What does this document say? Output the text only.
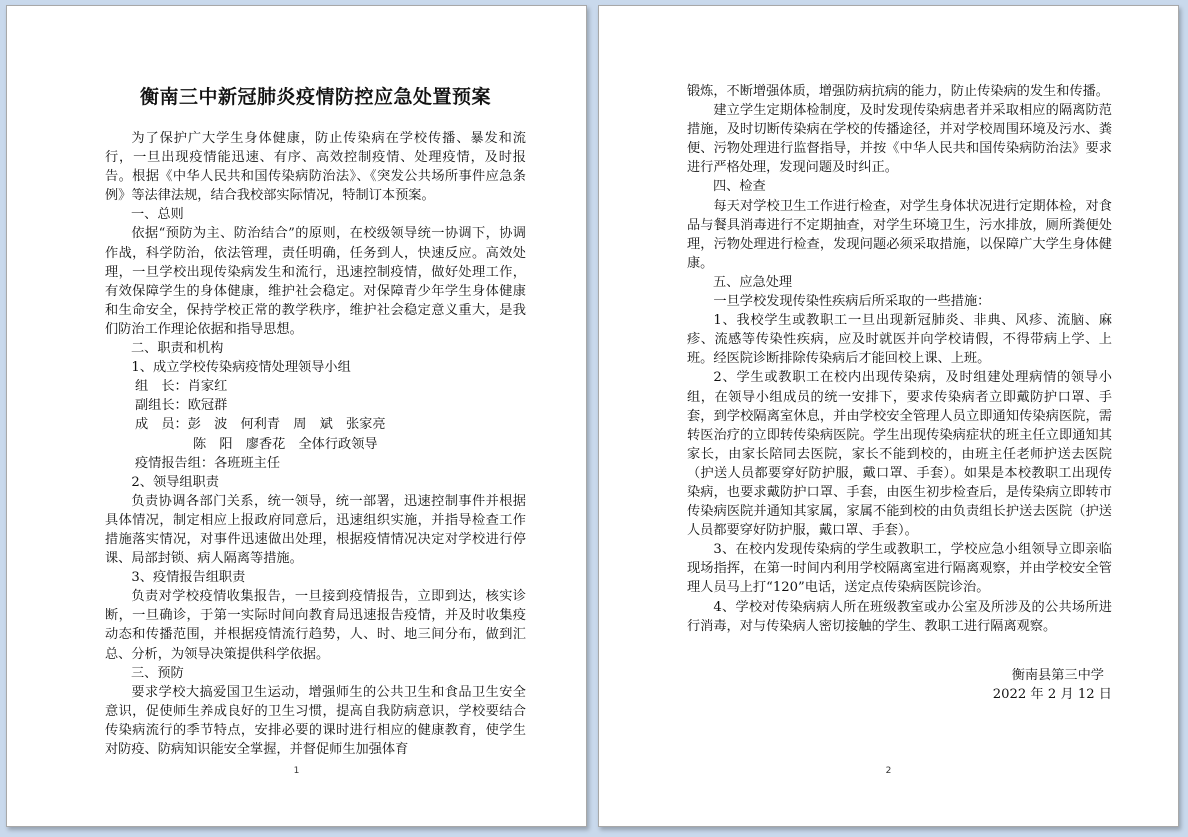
衡南三中新冠肺炎疫情防控应急处置预案
为了保护广大学生身体健康，防止传染病在学校传播、暴发和流行，一旦出现疫情能迅速、有序、高效控制疫情、处理疫情，及时报告。根据《中华人民共和国传染病防治法》、《突发公共场所事件应急条例》等法律法规，结合我校部实际情况，特制订本预案。
一、总则
依据“预防为主、防治结合”的原则，在校级领导统一协调下，协调作战，科学防治，依法管理，责任明确，任务到人，快速反应。高效处理，一旦学校出现传染病发生和流行，迅速控制疫情，做好处理工作，有效保障学生的身体健康，维护社会稳定。对保障青少年学生身体健康和生命安全，保持学校正常的教学秩序，维护社会稳定意义重大，是我们防治工作理论依据和指导思想。
二、职责和机构
1、成立学校传染病疫情处理领导小组
组　长：肖家红
副组长：欧冠群
成　员：彭　波　何利青　周　斌　张家亮
陈　阳　廖香花　全体行政领导
疫情报告组：各班班主任
2、领导组职责
负责协调各部门关系，统一领导，统一部署，迅速控制事件并根据具体情况，制定相应上报政府同意后，迅速组织实施，并指导检查工作措施落实情况，对事件迅速做出处理，根据疫情情况决定对学校进行停课、局部封锁、病人隔离等措施。
3、疫情报告组职责
负责对学校疫情收集报告，一旦接到疫情报告，立即到达，核实诊断，一旦确诊，于第一实际时间向教育局迅速报告疫情，并及时收集疫动态和传播范围，并根据疫情流行趋势，人、时、地三间分布，做到汇总、分析，为领导决策提供科学依据。
三、预防
要求学校大搞爱国卫生运动，增强师生的公共卫生和食品卫生安全意识，促使师生养成良好的卫生习惯，提高自我防病意识，学校要结合传染病流行的季节特点，安排必要的课时进行相应的健康教育，使学生对防疫、防病知识能安全掌握，并督促师生加强体育
1
锻炼，不断增强体质，增强防病抗病的能力，防止传染病的发生和传播。
建立学生定期体检制度，及时发现传染病患者并采取相应的隔离防范措施，及时切断传染病在学校的传播途径，并对学校周围环境及污水、粪便、污物处理进行监督指导，并按《中华人民共和国传染病防治法》要求进行严格处理，发现问题及时纠正。
四、检查
每天对学校卫生工作进行检查，对学生身体状况进行定期体检，对食品与餐具消毒进行不定期抽查，对学生环境卫生，污水排放，厕所粪便处理，污物处理进行检查，发现问题必须采取措施，以保障广大学生身体健康。
五、应急处理
一旦学校发现传染性疾病后所采取的一些措施：
1、我校学生或教职工一旦出现新冠肺炎、非典、风疹、流脑、麻疹、流感等传染性疾病，应及时就医并向学校请假，不得带病上学、上班。经医院诊断排除传染病后才能回校上课、上班。
2、学生或教职工在校内出现传染病，及时组建处理病情的领导小组，在领导小组成员的统一安排下，要求传染病者立即戴防护口罩、手套，到学校隔离室休息，并由学校安全管理人员立即通知传染病医院，需转医治疗的立即转传染病医院。学生出现传染病症状的班主任立即通知其家长，由家长陪同去医院，家长不能到校的，由班主任老师护送去医院（护送人员都要穿好防护服，戴口罩、手套）。如果是本校教职工出现传染病，也要求戴防护口罩、手套，由医生初步检查后，是传染病立即转市传染病医院并通知其家属，家属不能到校的由负责组长护送去医院（护送人员都要穿好防护服，戴口罩、手套）。
3、在校内发现传染病的学生或教职工，学校应急小组领导立即亲临现场指挥，在第一时间内利用学校隔离室进行隔离观察，并由学校安全管理人员马上打“120”电话，送定点传染病医院诊治。
4、学校对传染病病人所在班级教室或办公室及所涉及的公共场所进行消毒，对与传染病人密切接触的学生、教职工进行隔离观察。
衡南县第三中学
2022 年 2 月 12 日
2
